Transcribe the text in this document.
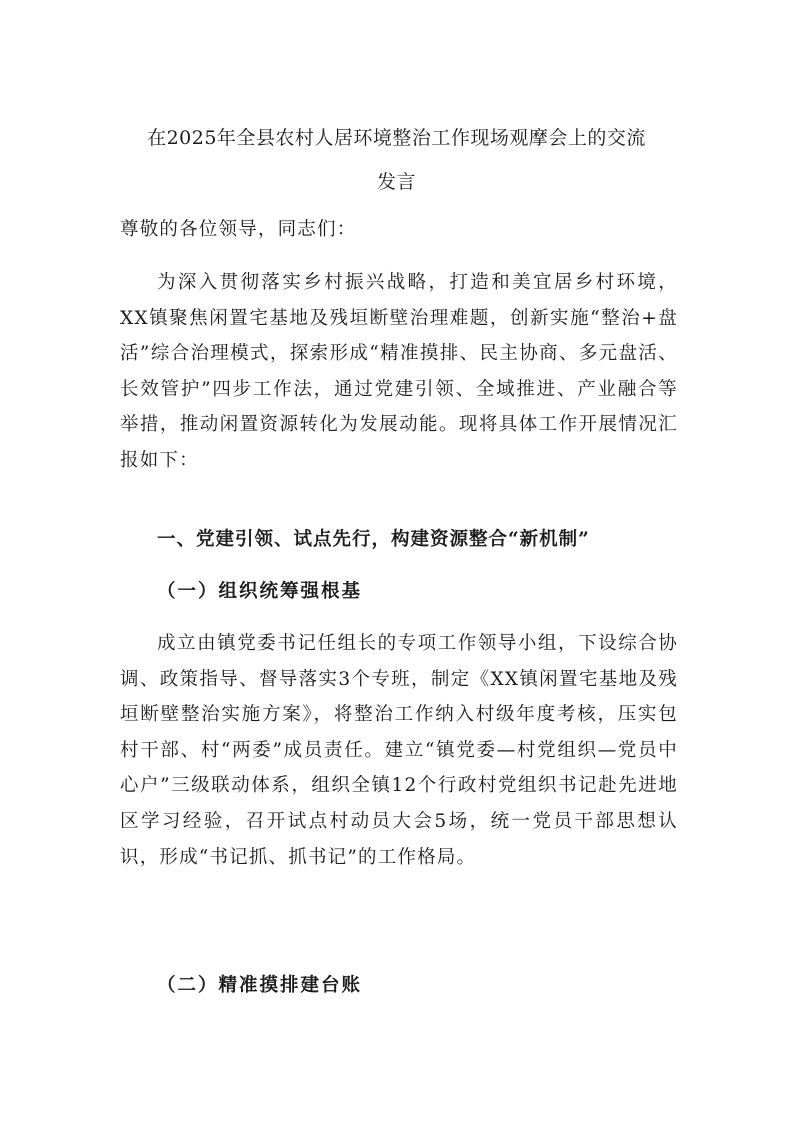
在2025年全县农村人居环境整治工作现场观摩会上的交流
发言
尊敬的各位领导，同志们：
为深入贯彻落实乡村振兴战略，打造和美宜居乡村环境，XX镇聚焦闲置宅基地及残垣断壁治理难题，创新实施“整治+盘活”综合治理模式，探索形成“精准摸排、民主协商、多元盘活、长效管护”四步工作法，通过党建引领、全域推进、产业融合等举措，推动闲置资源转化为发展动能。现将具体工作开展情况汇报如下：
一、党建引领、试点先行，构建资源整合“新机制”
（一）组织统筹强根基
成立由镇党委书记任组长的专项工作领导小组，下设综合协调、政策指导、督导落实3个专班，制定《XX镇闲置宅基地及残垣断壁整治实施方案》，将整治工作纳入村级年度考核，压实包村干部、村“两委”成员责任。建立“镇党委—村党组织—党员中心户”三级联动体系，组织全镇12个行政村党组织书记赴先进地区学习经验，召开试点村动员大会5场，统一党员干部思想认识，形成“书记抓、抓书记”的工作格局。
（二）精准摸排建台账
